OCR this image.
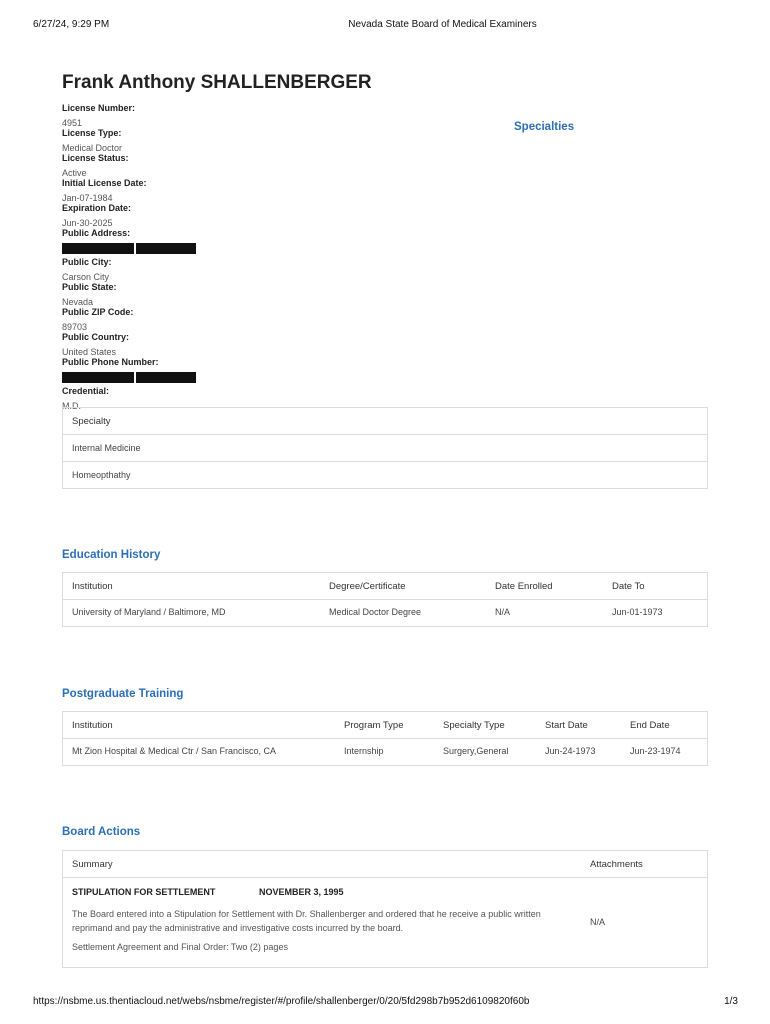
6/27/24, 9:29 PM	Nevada State Board of Medical Examiners
Frank Anthony SHALLENBERGER
License Number:
4951
License Type:
Medical Doctor
License Status:
Active
Initial License Date:
Jan-07-1984
Expiration Date:
Jun-30-2025
Public Address:
Public City:
Carson City
Public State:
Nevada
Public ZIP Code:
89703
Public Country:
United States
Public Phone Number:
Credential:
M.D.
Specialties
Specialty
Internal Medicine
Homeopthathy
Education History
Institution	Degree/Certificate	Date Enrolled	Date To
University of Maryland / Baltimore, MD	Medical Doctor Degree	N/A	Jun-01-1973
Postgraduate Training
Institution	Program Type	Specialty Type	Start Date	End Date
Mt Zion Hospital & Medical Ctr / San Francisco, CA	Internship	Surgery,General	Jun-24-1973	Jun-23-1974
Board Actions
Summary	Attachments
STIPULATION FOR SETTLEMENT	NOVEMBER 3, 1995
The Board entered into a Stipulation for Settlement with Dr. Shallenberger and ordered that he receive a public written
reprimand and pay the administrative and investigative costs incurred by the board.
Settlement Agreement and Final Order: Two (2) pages
N/A
https://nsbme.us.thentiacloud.net/webs/nsbme/register/#/profile/shallenberger/0/20/5fd298b7b952d6109820f60b	1/3
